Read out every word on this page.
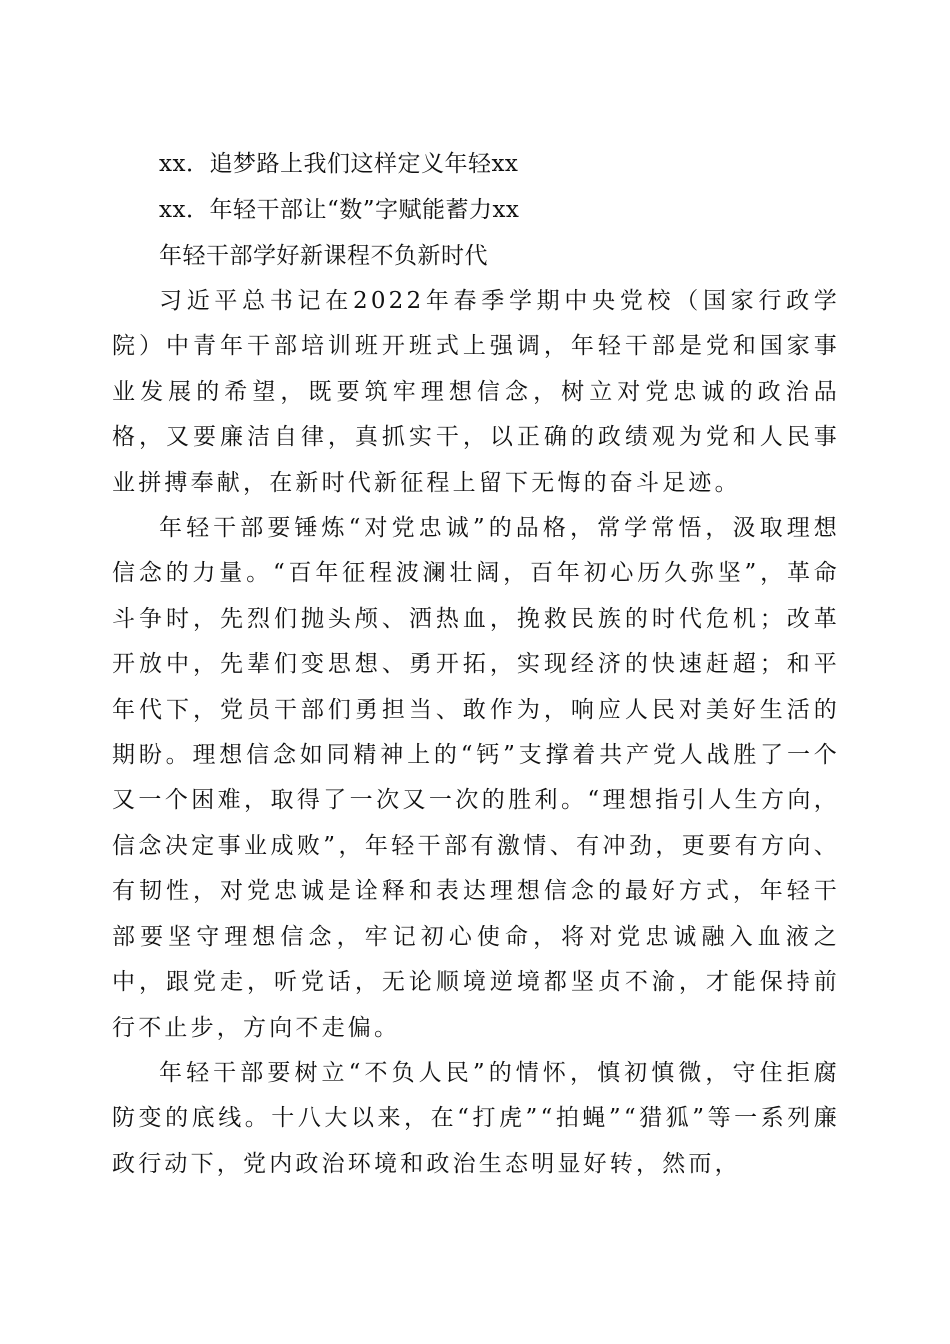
xx．追梦路上我们这样定义年轻xx
xx．年轻干部让“数”字赋能蓄力xx
年轻干部学好新课程不负新时代

习近平总书记在2022年春季学期中央党校（国家行政学院）中青年干部培训班开班式上强调，年轻干部是党和国家事业发展的希望，既要筑牢理想信念，树立对党忠诚的政治品格，又要廉洁自律，真抓实干，以正确的政绩观为党和人民事业拼搏奉献，在新时代新征程上留下无悔的奋斗足迹。

年轻干部要锤炼“对党忠诚”的品格，常学常悟，汲取理想信念的力量。“百年征程波澜壮阔，百年初心历久弥坚”，革命斗争时，先烈们抛头颅、洒热血，挽救民族的时代危机；改革开放中，先辈们变思想、勇开拓，实现经济的快速赶超；和平年代下，党员干部们勇担当、敢作为，响应人民对美好生活的期盼。理想信念如同精神上的“钙”支撑着共产党人战胜了一个又一个困难，取得了一次又一次的胜利。“理想指引人生方向，信念决定事业成败”，年轻干部有激情、有冲劲，更要有方向、有韧性，对党忠诚是诠释和表达理想信念的最好方式，年轻干部要坚守理想信念，牢记初心使命，将对党忠诚融入血液之中，跟党走，听党话，无论顺境逆境都坚贞不渝，才能保持前行不止步，方向不走偏。

年轻干部要树立“不负人民”的情怀，慎初慎微，守住拒腐防变的底线。十八大以来，在“打虎”“拍蝇”“猎狐”等一系列廉政行动下，党内政治环境和政治生态明显好转，然而，
